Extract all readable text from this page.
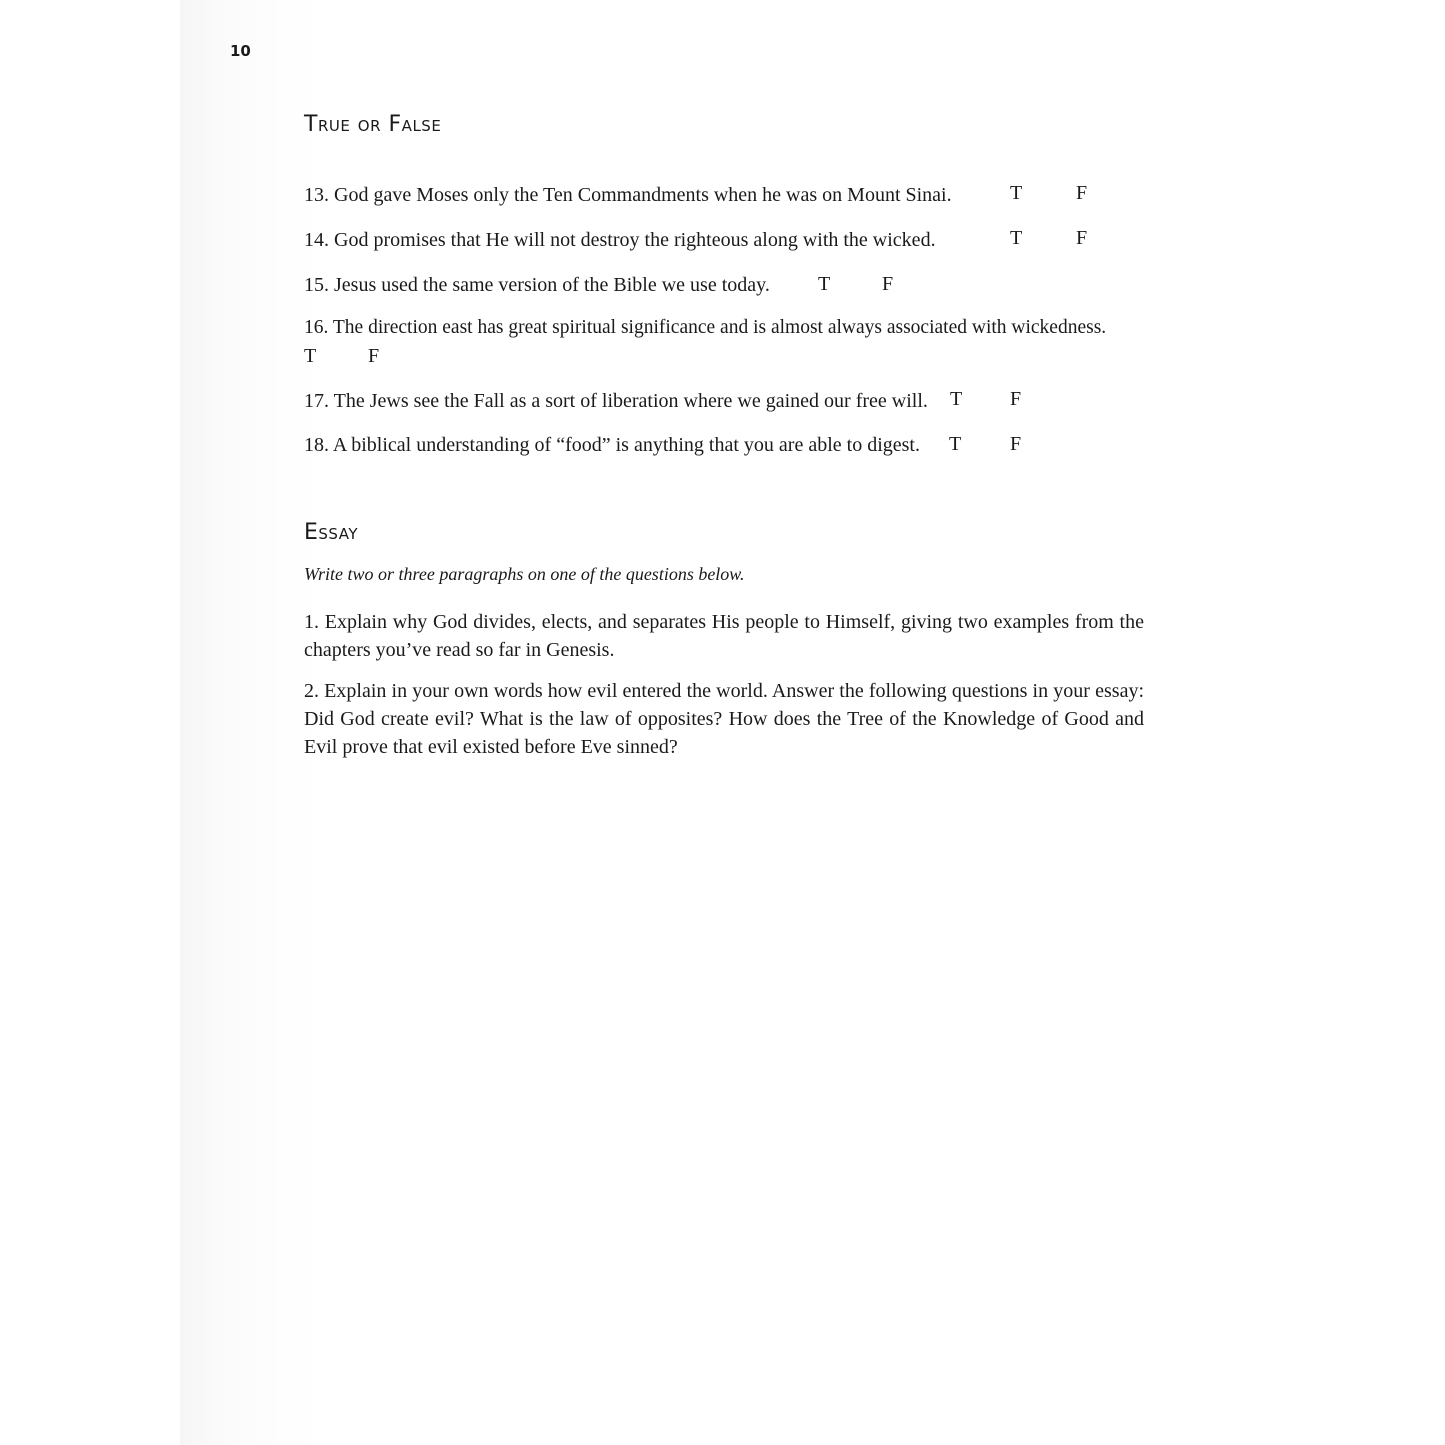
10
True or False
13. God gave Moses only the Ten Commandments when he was on Mount Sinai.	T	F
14. God promises that He will not destroy the righteous along with the wicked.	T	F
15. Jesus used the same version of the Bible we use today. T	F
16. The direction east has great spiritual significance and is almost always associated with wickedness.
T	F
17. The Jews see the Fall as a sort of liberation where we gained our free will. T F
18. A biblical understanding of “food” is anything that you are able to digest. T F
Essay
Write two or three paragraphs on one of the questions below.
1. Explain why God divides, elects, and separates His people to Himself, giving two examples from the chapters you’ve read so far in Genesis.
2. Explain in your own words how evil entered the world. Answer the following questions in your essay: Did God create evil? What is the law of opposites? How does the Tree of the Knowledge of Good and Evil prove that evil existed before Eve sinned?
